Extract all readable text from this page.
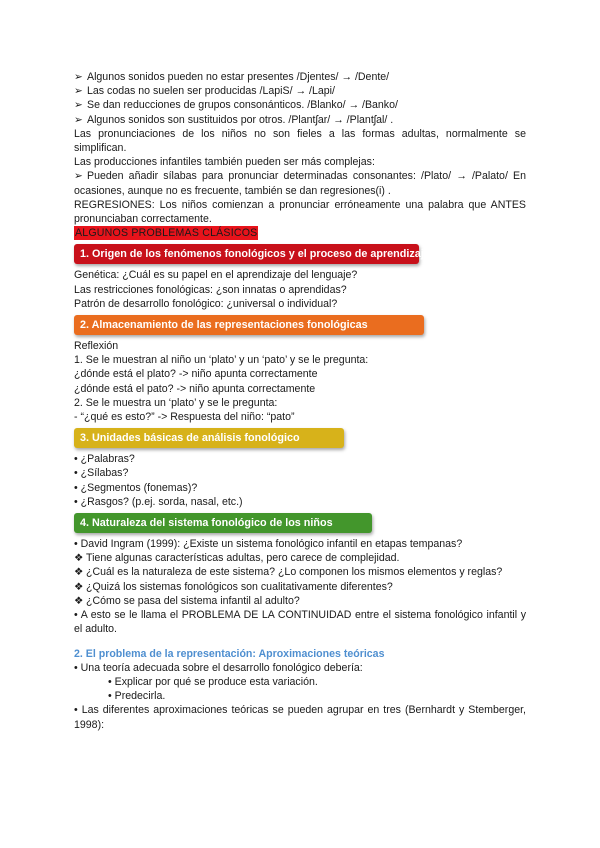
➢ Algunos sonidos pueden no estar presentes /Djentes/ → /Dente/

➢ Las codas no suelen ser producidas /LapiS/ → /Lapi/

➢ Se dan reducciones de grupos consonánticos. /Blanko/ → /Banko/

➢ Algunos sonidos son sustituidos por otros. /Plantʃar/ → /Plantʃal/ .

Las pronunciaciones de los niños no son fieles a las formas adultas, normalmente se simplifican.

Las producciones infantiles también pueden ser más complejas:

➢ Pueden añadir sílabas para pronunciar determinadas consonantes: /Plato/ → /Palato/ En ocasiones, aunque no es frecuente, también se dan regresiones(i) .

REGRESIONES: Los niños comienzan a pronunciar erróneamente una palabra que ANTES pronunciaban correctamente.

ALGUNOS PROBLEMAS CLÁSICOS

1. Origen de los fenómenos fonológicos y el proceso de aprendizaje

Genética: ¿Cuál es su papel en el aprendizaje del lenguaje?

Las restricciones fonológicas: ¿son innatas o aprendidas?

Patrón de desarrollo fonológico: ¿universal o individual?

2. Almacenamiento de las representaciones fonológicas

Reflexión

1. Se le muestran al niño un ‘plato’ y un ‘pato’ y se le pregunta:

¿dónde está el plato? -> niño apunta correctamente

¿dónde está el pato? -> niño apunta correctamente

2. Se le muestra un ‘plato’ y se le pregunta:

- “¿qué es esto?” -> Respuesta del niño: “pato”

3. Unidades básicas de análisis fonológico

• ¿Palabras?

• ¿Sílabas?

• ¿Segmentos (fonemas)?

• ¿Rasgos? (p.ej. sorda, nasal, etc.)

4. Naturaleza del sistema fonológico de los niños

• David Ingram (1999): ¿Existe un sistema fonológico infantil en etapas tempanas?

❖ Tiene algunas características adultas, pero carece de complejidad.

❖ ¿Cuál es la naturaleza de este sistema? ¿Lo componen los mismos elementos y reglas?

❖ ¿Quizá los sistemas fonológicos son cualitativamente diferentes?

❖ ¿Cómo se pasa del sistema infantil al adulto?

• A esto se le llama el PROBLEMA DE LA CONTINUIDAD entre el sistema fonológico infantil y el adulto.

2. El problema de la representación: Aproximaciones teóricas

• Una teoría adecuada sobre el desarrollo fonológico debería:

• Explicar por qué se produce esta variación.

• Predecirla.

• Las diferentes aproximaciones teóricas se pueden agrupar en tres (Bernhardt y Stemberger, 1998):
